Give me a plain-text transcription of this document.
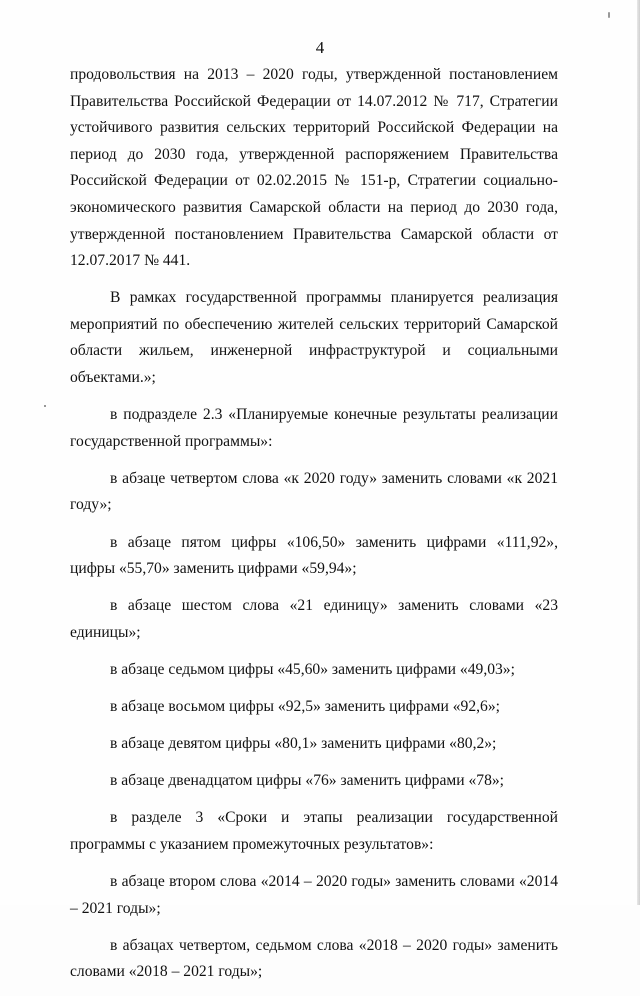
4

продовольствия на 2013 – 2020 годы, утвержденной постановлением Правительства Российской Федерации от 14.07.2012 № 717, Стратегии устойчивого развития сельских территорий Российской Федерации на период до 2030 года, утвержденной распоряжением Правительства Российской Федерации от 02.02.2015 № 151-р, Стратегии социально-экономического развития Самарской области на период до 2030 года, утвержденной постановлением Правительства Самарской области от 12.07.2017 № 441.

В рамках государственной программы планируется реализация мероприятий по обеспечению жителей сельских территорий Самарской области жильем, инженерной инфраструктурой и социальными объектами.»;

в подразделе 2.3 «Планируемые конечные результаты реализации государственной программы»:

в абзаце четвертом слова «к 2020 году» заменить словами «к 2021 году»;

в абзаце пятом цифры «106,50» заменить цифрами «111,92», цифры «55,70» заменить цифрами «59,94»;

в абзаце шестом слова «21 единицу» заменить словами «23 единицы»;

в абзаце седьмом цифры «45,60» заменить цифрами «49,03»;

в абзаце восьмом цифры «92,5» заменить цифрами «92,6»;

в абзаце девятом цифры «80,1» заменить цифрами «80,2»;

в абзаце двенадцатом цифры «76» заменить цифрами «78»;

в разделе 3 «Сроки и этапы реализации государственной программы с указанием промежуточных результатов»:

в абзаце втором слова «2014 – 2020 годы» заменить словами «2014 – 2021 годы»;

в абзацах четвертом, седьмом слова «2018 – 2020 годы» заменить словами «2018 – 2021 годы»;
